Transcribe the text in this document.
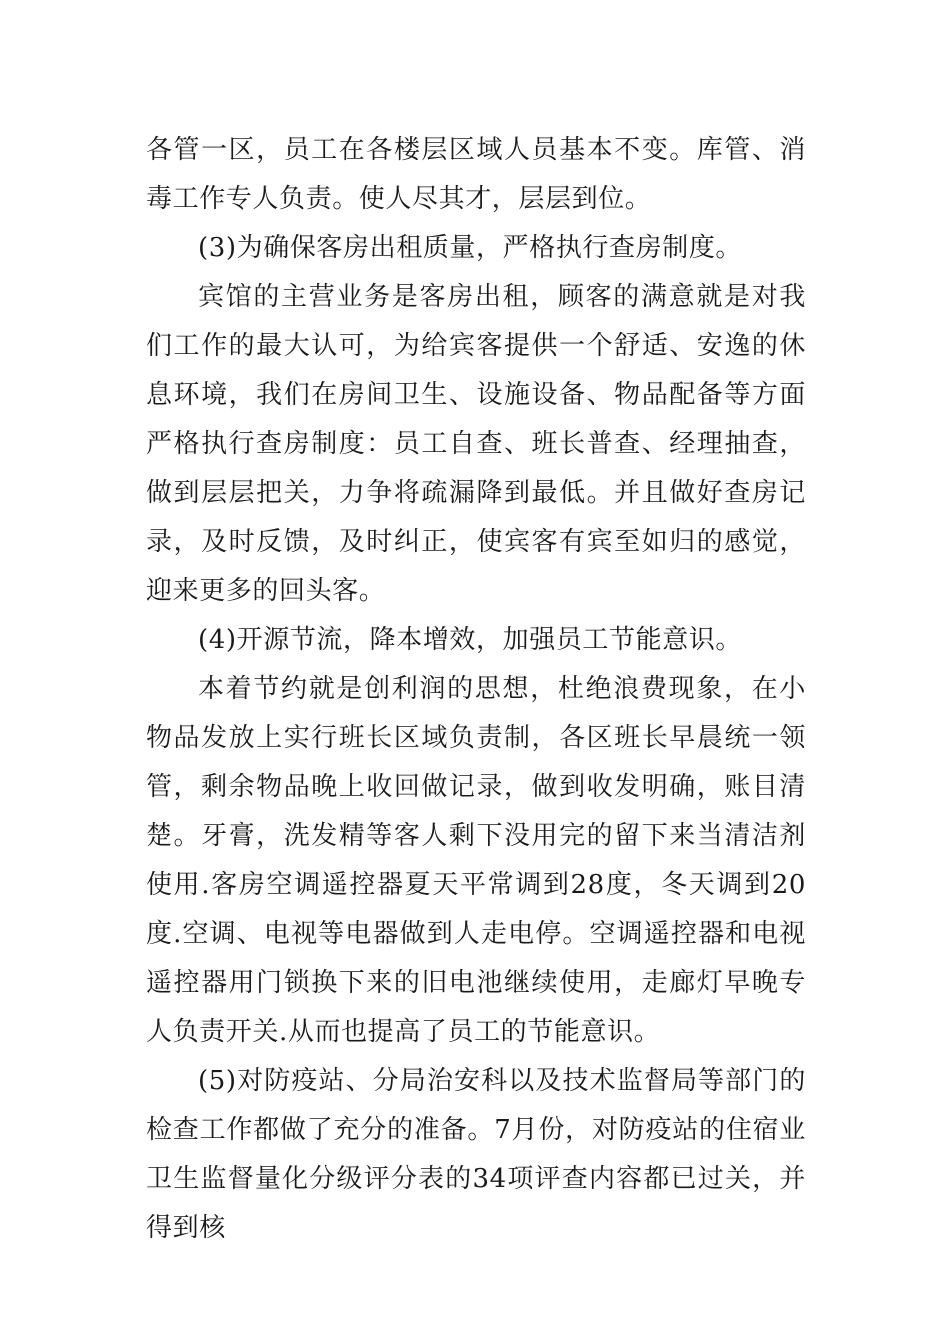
各管一区，员工在各楼层区域人员基本不变。库管、消毒工作专人负责。使人尽其才，层层到位。

(3)为确保客房出租质量，严格执行查房制度。

宾馆的主营业务是客房出租，顾客的满意就是对我们工作的最大认可，为给宾客提供一个舒适、安逸的休息环境，我们在房间卫生、设施设备、物品配备等方面严格执行查房制度：员工自查、班长普查、经理抽查，做到层层把关，力争将疏漏降到最低。并且做好查房记录，及时反馈，及时纠正，使宾客有宾至如归的感觉，迎来更多的回头客。

(4)开源节流，降本增效，加强员工节能意识。

本着节约就是创利润的思想，杜绝浪费现象，在小物品发放上实行班长区域负责制，各区班长早晨统一领管，剩余物品晚上收回做记录，做到收发明确，账目清楚。牙膏，洗发精等客人剩下没用完的留下来当清洁剂使用.客房空调遥控器夏天平常调到28度，冬天调到20度.空调、电视等电器做到人走电停。空调遥控器和电视遥控器用门锁换下来的旧电池继续使用，走廊灯早晚专人负责开关.从而也提高了员工的节能意识。

(5)对防疫站、分局治安科以及技术监督局等部门的检查工作都做了充分的准备。7月份，对防疫站的住宿业卫生监督量化分级评分表的34项评查内容都已过关，并得到核
